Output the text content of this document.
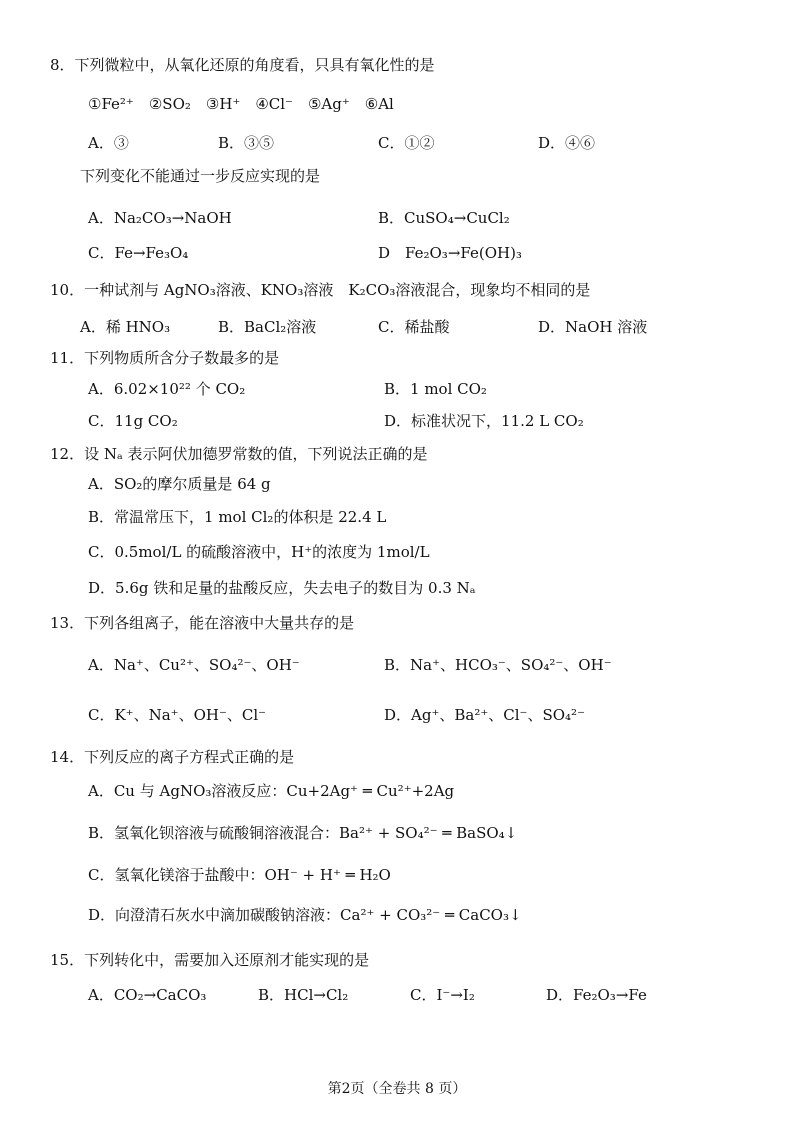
8．下列微粒中，从氧化还原的角度看，只具有氧化性的是
①Fe²⁺　②SO₂　③H⁺　④Cl⁻　⑤Ag⁺　⑥Al
A．③	B．③⑤	C．①②	D．④⑥
下列变化不能通过一步反应实现的是
A．Na₂CO₃→NaOH	B．CuSO₄→CuCl₂
C．Fe→Fe₃O₄	D　Fe₂O₃→Fe(OH)₃
10．一种试剂与 AgNO₃溶液、KNO₃溶液　K₂CO₃溶液混合，现象均不相同的是
A．稀 HNO₃	B．BaCl₂溶液	C．稀盐酸	D．NaOH 溶液
11．下列物质所含分子数最多的是
A．6.02×10²² 个 CO₂	B．1 mol CO₂
C．11g CO₂	D．标准状况下，11.2 L CO₂
12．设 Nₐ 表示阿伏加德罗常数的值，下列说法正确的是
A．SO₂的摩尔质量是 64 g
B．常温常压下，1 mol Cl₂的体积是 22.4 L
C．0.5mol/L 的硫酸溶液中，H⁺的浓度为 1mol/L
D．5.6g 铁和足量的盐酸反应，失去电子的数目为 0.3 Nₐ
13．下列各组离子，能在溶液中大量共存的是
A．Na⁺、Cu²⁺、SO₄²⁻、OH⁻	B．Na⁺、HCO₃⁻、SO₄²⁻、OH⁻
C．K⁺、Na⁺、OH⁻、Cl⁻	D．Ag⁺、Ba²⁺、Cl⁻、SO₄²⁻
14．下列反应的离子方程式正确的是
A．Cu 与 AgNO₃溶液反应：Cu+2Ag⁺ ═ Cu²⁺+2Ag
B．氢氧化钡溶液与硫酸铜溶液混合：Ba²⁺ + SO₄²⁻ ═ BaSO₄↓
C．氢氧化镁溶于盐酸中：OH⁻ + H⁺ ═ H₂O
D．向澄清石灰水中滴加碳酸钠溶液：Ca²⁺ + CO₃²⁻ ═ CaCO₃↓
15．下列转化中，需要加入还原剂才能实现的是
A．CO₂→CaCO₃	B．HCl→Cl₂	C．I⁻→I₂	D．Fe₂O₃→Fe
第2页（全卷共 8 页）
